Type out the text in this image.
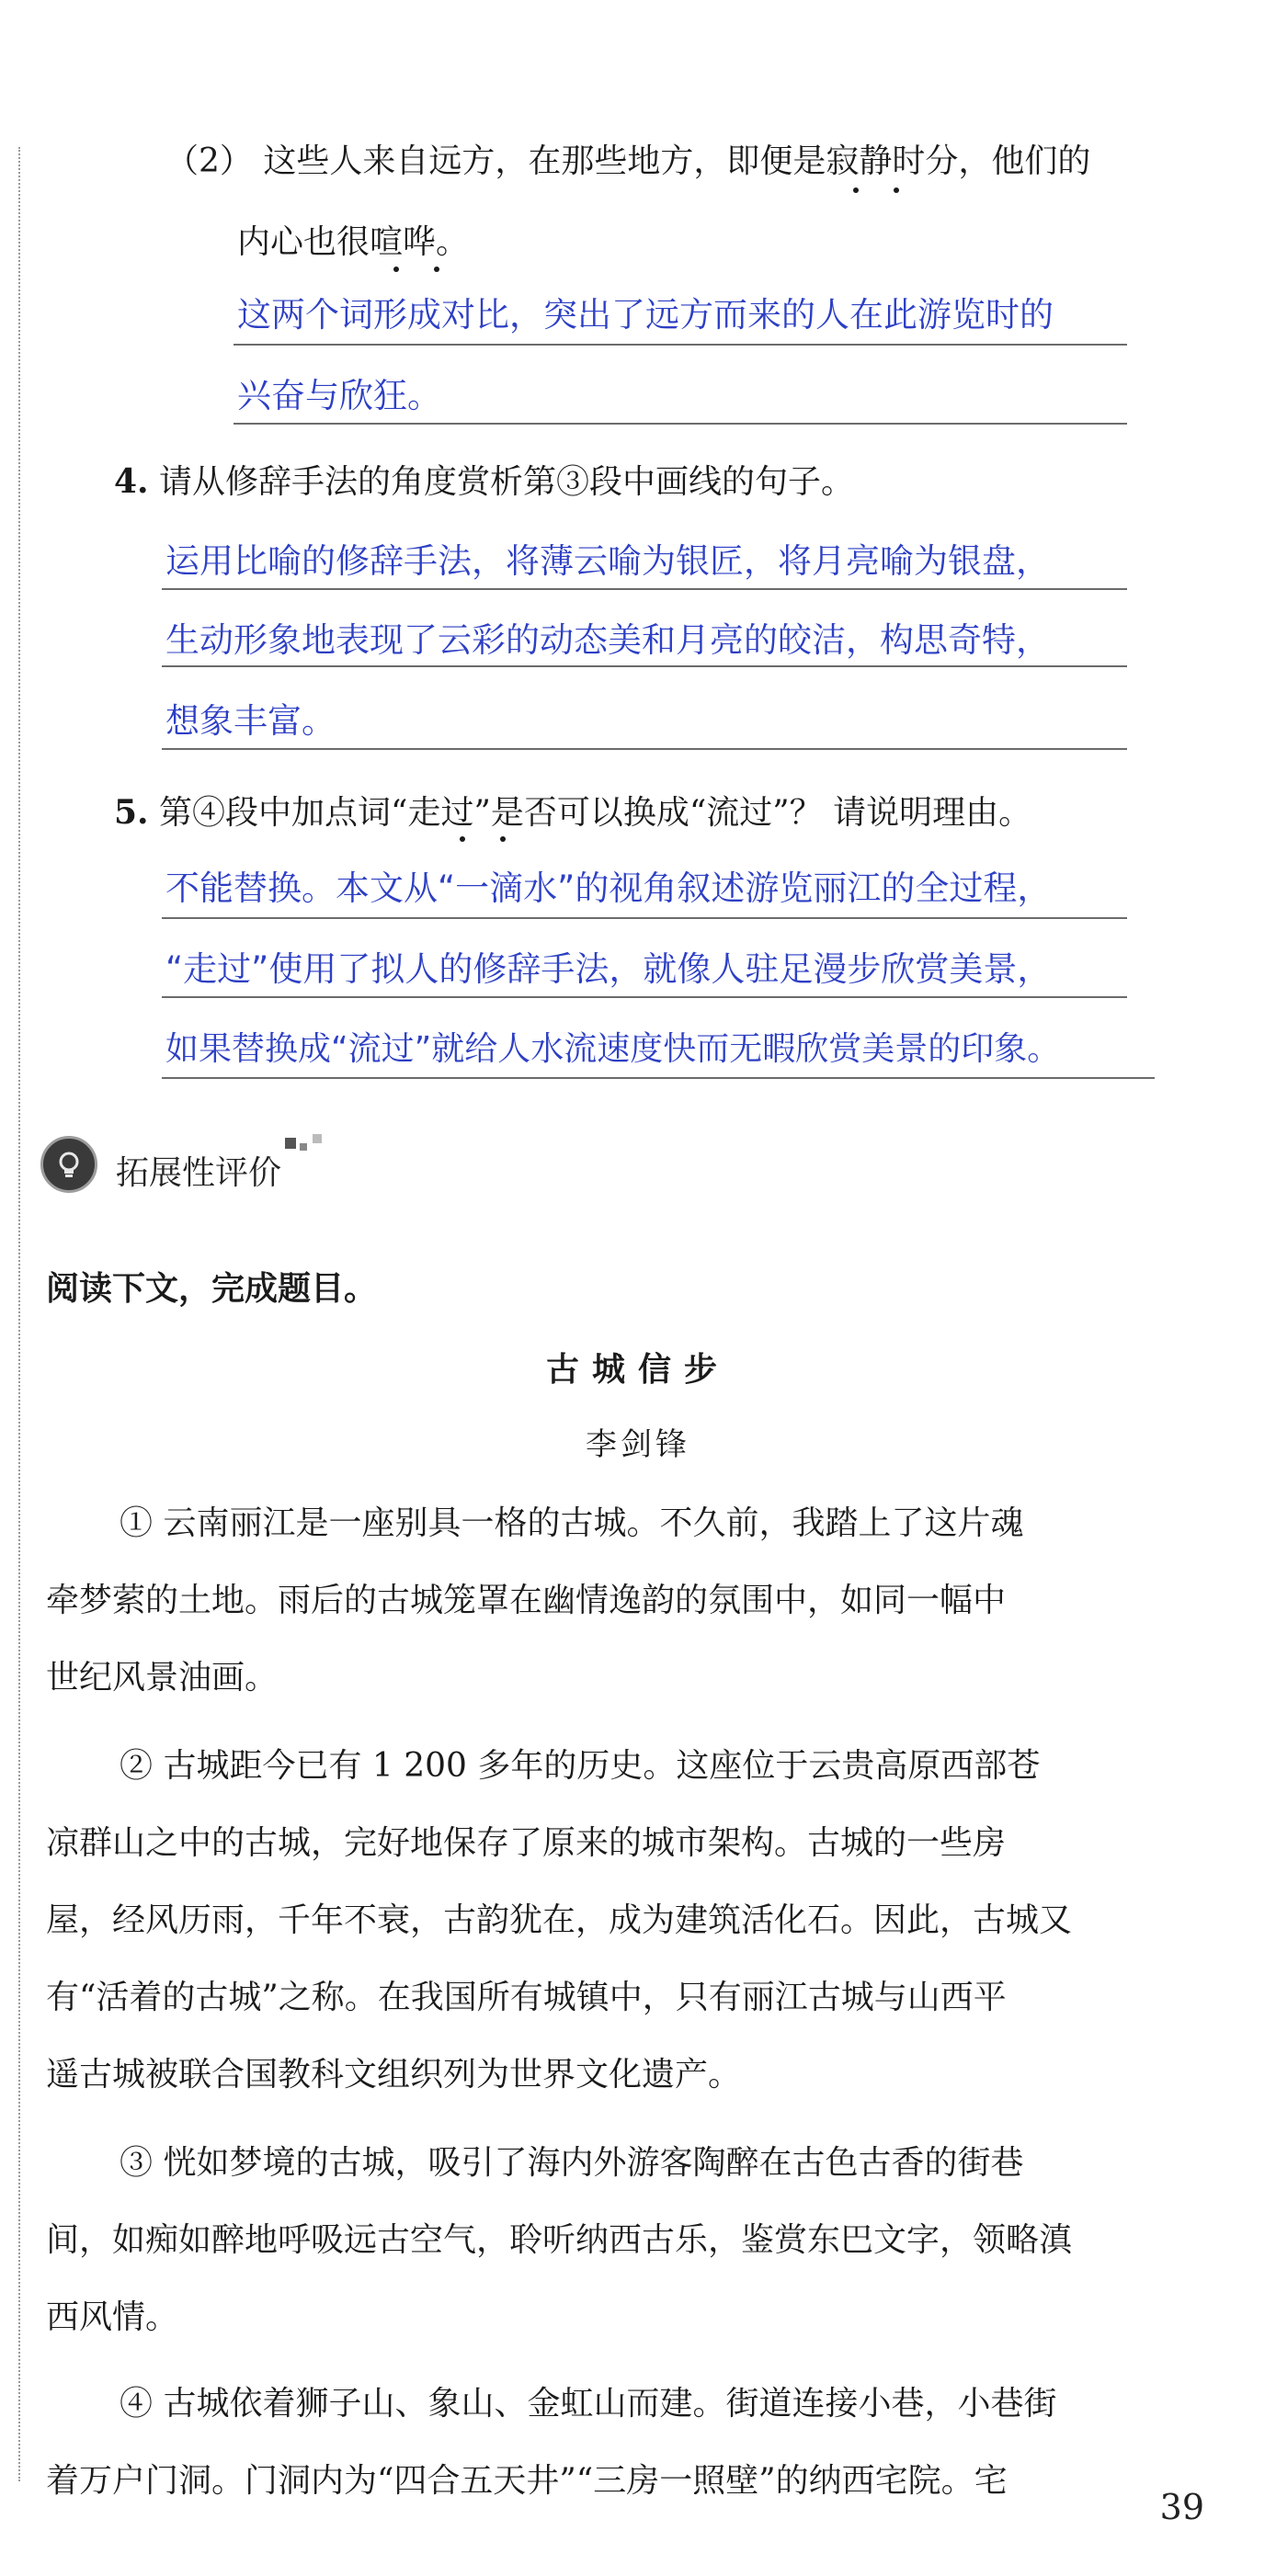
（2） 这些人来自远方，在那些地方，即便是寂静时分，他们的
内心也很喧哗。
这两个词形成对比，突出了远方而来的人在此游览时的
兴奋与欣狂。
4. 请从修辞手法的角度赏析第③段中画线的句子。
运用比喻的修辞手法，将薄云喻为银匠，将月亮喻为银盘，
生动形象地表现了云彩的动态美和月亮的皎洁，构思奇特，
想象丰富。
5. 第④段中加点词“走过”是否可以换成“流过”？ 请说明理由。
不能替换。本文从“一滴水”的视角叙述游览丽江的全过程，
“走过”使用了拟人的修辞手法，就像人驻足漫步欣赏美景，
如果替换成“流过”就给人水流速度快而无暇欣赏美景的印象。
拓展性评价
阅读下文，完成题目。
古城信步
李剑锋
① 云南丽江是一座别具一格的古城。不久前，我踏上了这片魂
牵梦萦的土地。雨后的古城笼罩在幽情逸韵的氛围中，如同一幅中
世纪风景油画。
② 古城距今已有 1 200 多年的历史。这座位于云贵高原西部苍
凉群山之中的古城，完好地保存了原来的城市架构。古城的一些房
屋，经风历雨，千年不衰，古韵犹在，成为建筑活化石。因此，古城又
有“活着的古城”之称。在我国所有城镇中，只有丽江古城与山西平
遥古城被联合国教科文组织列为世界文化遗产。
③ 恍如梦境的古城，吸引了海内外游客陶醉在古色古香的街巷
间，如痴如醉地呼吸远古空气，聆听纳西古乐，鉴赏东巴文字，领略滇
西风情。
④ 古城依着狮子山、象山、金虹山而建。街道连接小巷，小巷街
着万户门洞。门洞内为“四合五天井”“三房一照壁”的纳西宅院。宅
39
